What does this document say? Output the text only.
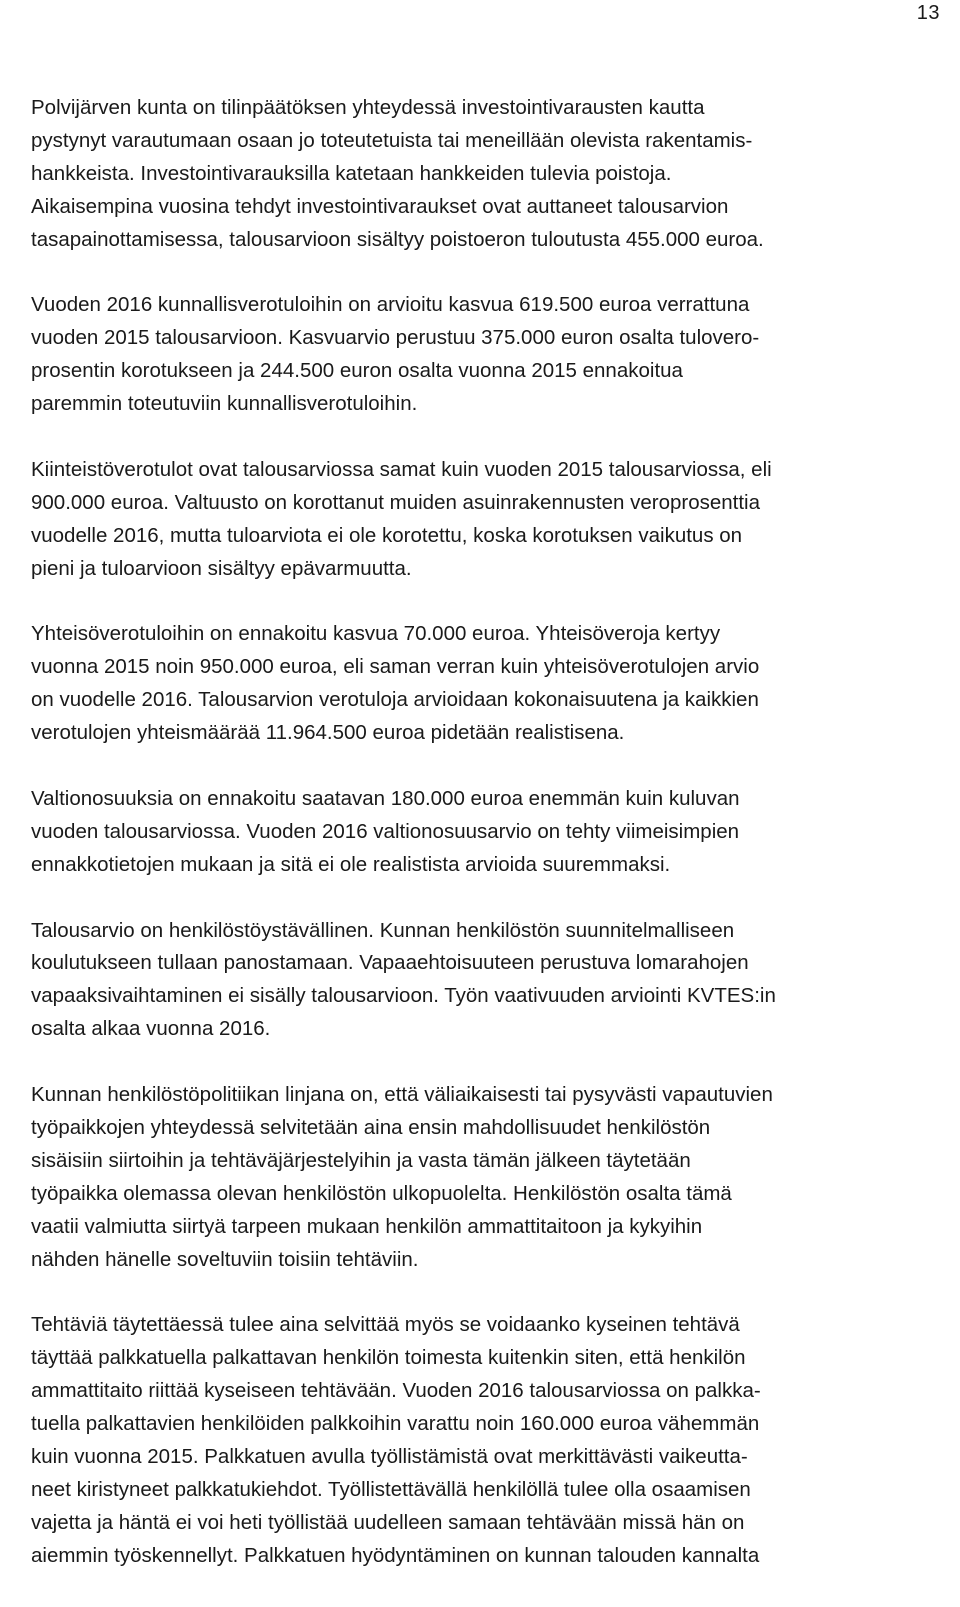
13
Polvijärven kunta on tilinpäätöksen yhteydessä investointivarausten kautta
pystynyt varautumaan osaan jo toteutetuista tai meneillään olevista rakentamis-
hankkeista. Investointivarauksilla katetaan hankkeiden tulevia poistoja.
Aikaisempina vuosina tehdyt investointivaraukset ovat auttaneet talousarvion
tasapainottamisessa, talousarvioon sisältyy poistoeron tuloutusta 455.000 euroa.
Vuoden 2016 kunnallisverotuloihin on arvioitu kasvua 619.500 euroa verrattuna
vuoden 2015 talousarvioon. Kasvuarvio perustuu 375.000 euron osalta tulovero-
prosentin korotukseen ja 244.500 euron osalta vuonna 2015 ennakoitua
paremmin toteutuviin kunnallisverotuloihin.
Kiinteistöverotulot ovat talousarviossa samat kuin vuoden 2015 talousarviossa, eli
900.000 euroa. Valtuusto on korottanut muiden asuinrakennusten veroprosenttia
vuodelle 2016, mutta tuloarviota ei ole korotettu, koska korotuksen vaikutus on
pieni ja tuloarvioon sisältyy epävarmuutta.
Yhteisöverotuloihin on ennakoitu kasvua 70.000 euroa. Yhteisöveroja kertyy
vuonna 2015 noin 950.000 euroa, eli saman verran kuin yhteisöverotulojen arvio
on vuodelle 2016. Talousarvion verotuloja arvioidaan kokonaisuutena ja kaikkien
verotulojen yhteismäärää 11.964.500 euroa pidetään realistisena.
Valtionosuuksia on ennakoitu saatavan 180.000 euroa enemmän kuin kuluvan
vuoden talousarviossa. Vuoden 2016 valtionosuusarvio on tehty viimeisimpien
ennakkotietojen mukaan ja sitä ei ole realistista arvioida suuremmaksi.
Talousarvio on henkilöstöystävällinen. Kunnan henkilöstön suunnitelmalliseen
koulutukseen tullaan panostamaan. Vapaaehtoisuuteen perustuva lomarahojen
vapaaksivaihtaminen ei sisälly talousarvioon. Työn vaativuuden arviointi KVTES:in
osalta alkaa vuonna 2016.
Kunnan henkilöstöpolitiikan linjana on, että väliaikaisesti tai pysyvästi vapautuvien
työpaikkojen yhteydessä selvitetään aina ensin mahdollisuudet henkilöstön
sisäisiin siirtoihin ja tehtäväjärjestelyihin ja vasta tämän jälkeen täytetään
työpaikka olemassa olevan henkilöstön ulkopuolelta. Henkilöstön osalta tämä
vaatii valmiutta siirtyä tarpeen mukaan henkilön ammattitaitoon ja kykyihin
nähden hänelle soveltuviin toisiin tehtäviin.
Tehtäviä täytettäessä tulee aina selvittää myös se voidaanko kyseinen tehtävä
täyttää palkkatuella palkattavan henkilön toimesta kuitenkin siten, että henkilön
ammattitaito riittää kyseiseen tehtävään. Vuoden 2016 talousarviossa on palkka-
tuella palkattavien henkilöiden palkkoihin varattu noin 160.000 euroa vähemmän
kuin vuonna 2015. Palkkatuen avulla työllistämistä ovat merkittävästi vaikeutta-
neet kiristyneet palkkatukiehdot. Työllistettävällä henkilöllä tulee olla osaamisen
vajetta ja häntä ei voi heti työllistää uudelleen samaan tehtävään missä hän on
aiemmin työskennellyt. Palkkatuen hyödyntäminen on kunnan talouden kannalta
